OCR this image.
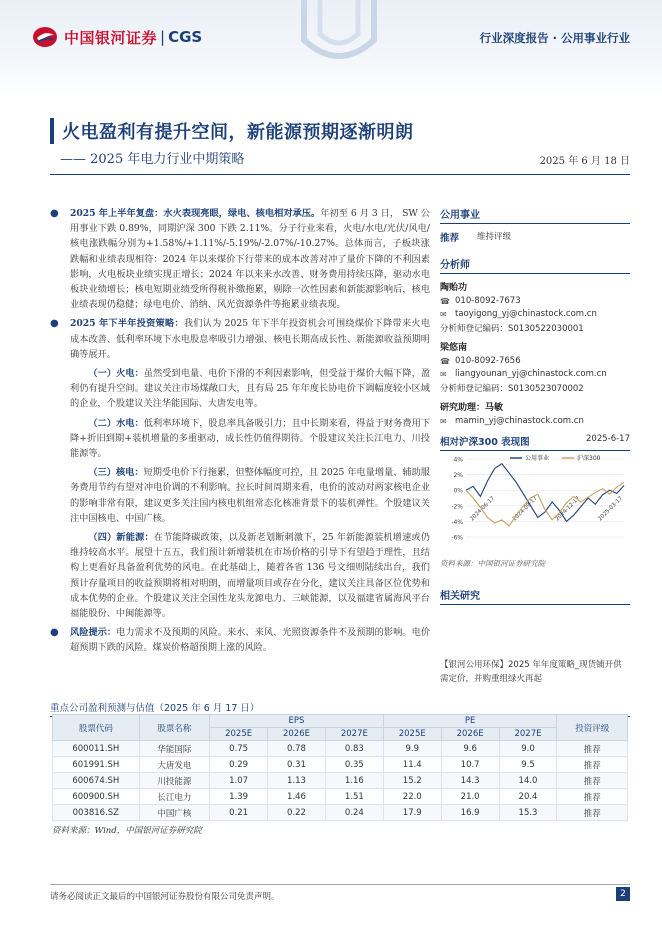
中国银河证券 | CGS	行业深度报告 · 公用事业行业
火电盈利有提升空间，新能源预期逐渐明朗
—— 2025 年电力行业中期策略	2025 年 6 月 18 日
● 2025 年上半年复盘：水火表现亮眼，绿电、核电相对承压。年初至 6 月 3 日， SW 公用事业下跌 0.89%，同期沪深 300 下跌 2.11%。分子行业来看，火电/水电/光伏/风电/核电涨跌幅分别为+1.58%/+1.11%/-5.19%/-2.07%/-10.27%。总体而言，子板块涨跌幅和业绩表现相符：2024 年以来煤价下行带来的成本改善对冲了量价下降的不利因素影响，火电板块业绩实现正增长；2024 年以来来水改善、财务费用持续压降，驱动水电板块业绩增长；核电短期业绩受所得税补缴拖累，剔除一次性因素和新能源影响后，核电业绩表现仍稳健；绿电电价、消纳、风光资源条件等拖累业绩表现。
● 2025 年下半年投资策略：我们认为 2025 年下半年投资机会可围绕煤价下降带来火电成本改善、低利率环境下水电股息率吸引力增强、核电长期高成长性、新能源收益预期明确等展开。
（一）火电：虽然受到电量、电价下滑的不利因素影响，但受益于煤价大幅下降，盈利仍有提升空间。建议关注市场煤敞口大，且有局 25 年年度长协电价下调幅度较小区域的企业，个股建议关注华能国际、大唐发电等。
（二）水电：低利率环境下，股息率具备吸引力；且中长期来看，得益于财务费用下降+折旧到期+装机增量的多重驱动，成长性仍值得期待。个股建议关注长江电力、川投能源等。
（三）核电：短期受电价下行拖累，但整体幅度可控，且 2025 年电量增量、辅助服务费用节约有望对冲电价调的不利影响。拉长时间周期来看，电价的波动对两家核电企业的影响非常有限，建议更多关注国内核电机组常态化核准背景下的装机弹性。个股建议关注中国核电、中国广核。
（四）新能源：在节能降碳政策，以及新老划断刺激下，25 年新能源装机增速或仍维持较高水平。展望十五五，我们预计新增装机在市场价格的引导下有望趋于理性，且结构上更看好具备盈利优势的风电。在此基础上，随着各省 136 号文细则陆续出台，我们预计存量项目的收益预期将相对明朗，而增量项目或存在分化，建议关注具备区位优势和成本优势的企业。个股建议关注全国性龙头龙源电力、三峡能源，以及福建省属海风平台福能股份、中闽能源等。
● 风险提示：电力需求不及预期的风险。来水、来风、光照资源条件不及预期的影响。电价超预期下跌的风险。煤炭价格超预期上涨的风险。
公用事业
推荐 维持评级
分析师
陶贻功
☎ 010-8092-7673
✉ taoyigong_yj@chinastock.com.cn
分析师登记编码：S0130522030001
梁悠南
☎ 010-8092-7656
✉ liangyounan_yj@chinastock.com.cn
分析师登记编码：S0130523070002
研究助理：马敏
✉ mamin_yj@chinastock.com.cn
相对沪深300 表现图	2025-6-17
4%
2%
0%
-2%
-4%
-6%
2024-06-17	2024-09-17	2024-12-17	2025-03-17
公用事业	沪深300
资料来源：中国银河证券研究院
相关研究
【银河公用环保】2025 年年度策略_现货铺开供需定价，并购重组绿火再起
重点公司盈利预测与估值（2025 年 6 月 17 日）
股票代码	股票名称	EPS			PE			投资评级
		2025E	2026E	2027E	2025E	2026E	2027E	
600011.SH	华能国际	0.75	0.78	0.83	9.9	9.6	9.0	推荐
601991.SH	大唐发电	0.29	0.31	0.35	11.4	10.7	9.5	推荐
600674.SH	川投能源	1.07	1.13	1.16	15.2	14.3	14.0	推荐
600900.SH	长江电力	1.39	1.46	1.51	22.0	21.0	20.4	推荐
003816.SZ	中国广核	0.21	0.22	0.24	17.9	16.9	15.3	推荐
资料来源：Wind，中国银河证券研究院
请务必阅读正文最后的中国银河证券股份有限公司免责声明。	2
